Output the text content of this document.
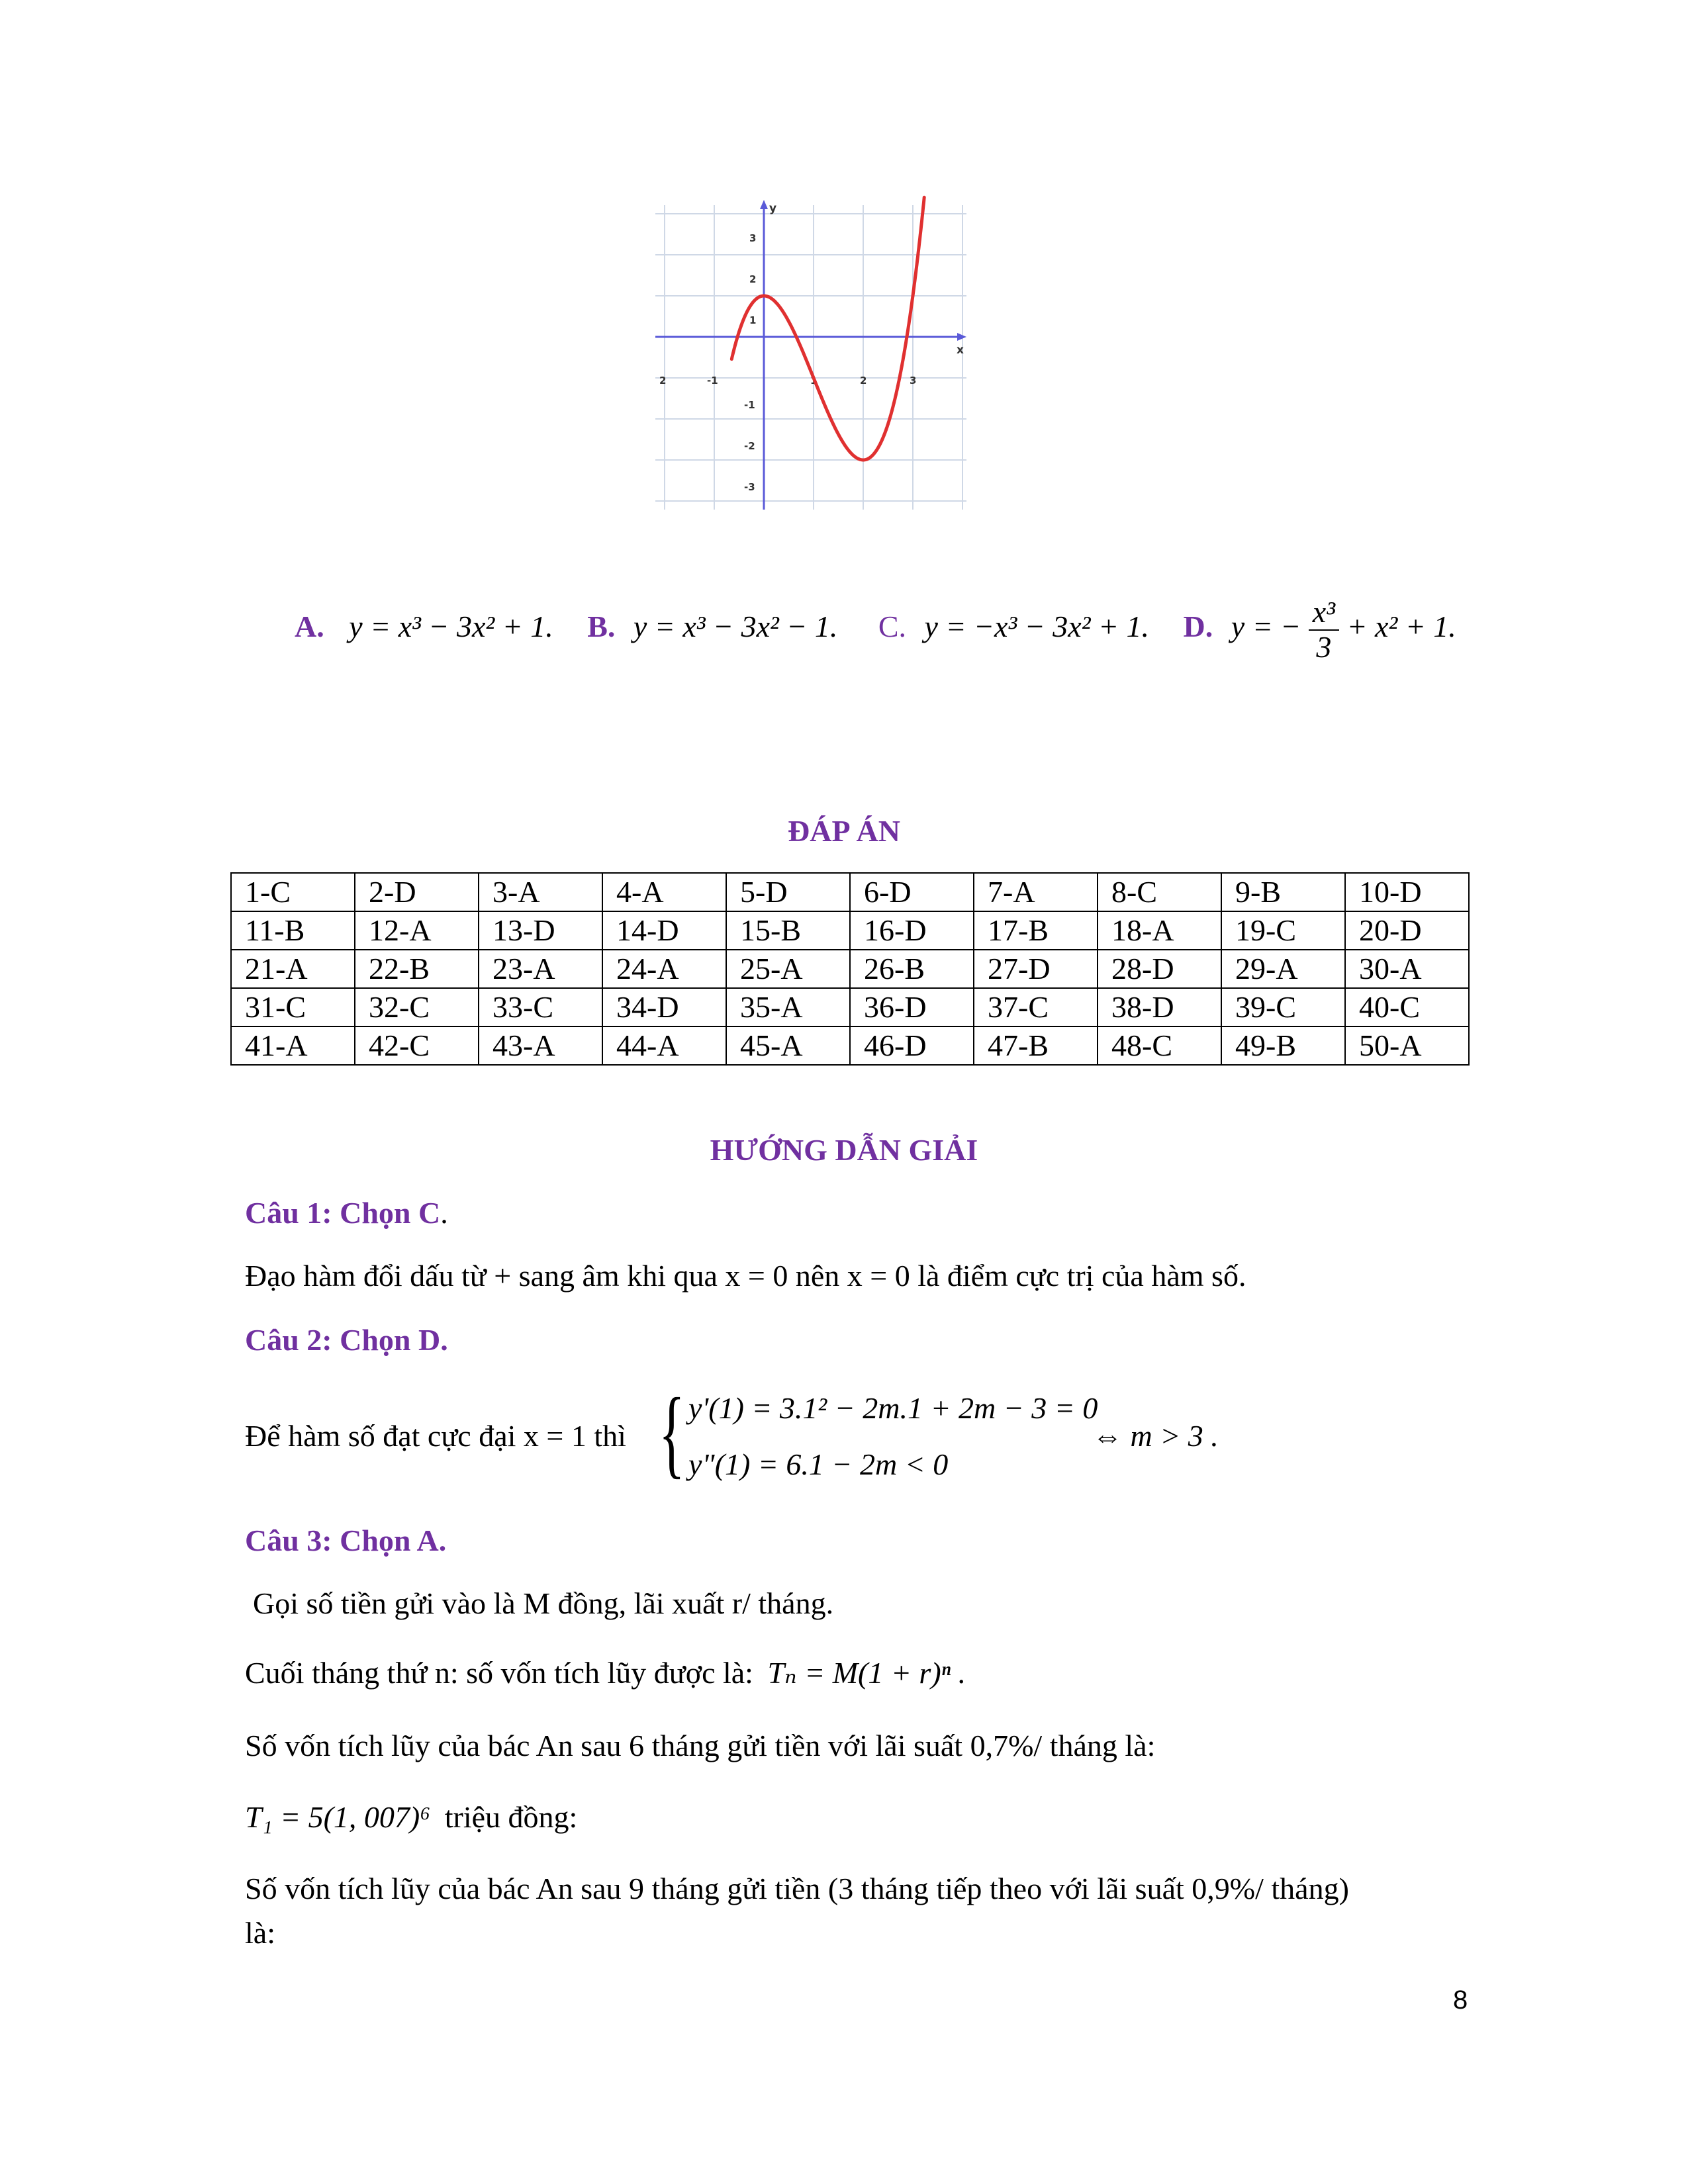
y
x
2	-1	1	2	3
3
2
1
-1
-2
-3
A. y = x³ − 3x² + 1. B. y = x³ − 3x² − 1. C. y = −x³ − 3x² + 1. D. y = − $\frac{\text{x³}}{3} + x^2 + 1$.
ĐÁP ÁN
1-C	2-D	3-A	4-A	5-D	6-D	7-A	8-C	9-B	10-D
11-B	12-A	13-D	14-D	15-B	16-D	17-B	18-A	19-C	20-D
21-A	22-B	23-A	24-A	25-A	26-B	27-D	28-D	29-A	30-A
31-C	32-C	33-C	34-D	35-A	36-D	37-C	38-D	39-C	40-C
41-A	42-C	43-A	44-A	45-A	46-D	47-B	48-C	49-B	50-A
HƯỚNG DẪN GIẢI
Câu 1: Chọn C.
Đạo hàm đổi dấu từ + sang âm khi qua x = 0 nên x = 0 là điểm cực trị của hàm số.
Câu 2: Chọn D.
Để hàm số đạt cực đại x = 1 thì { y'(1) = 3.1² − 2m.1 + 2m − 3 = 0
y"(1) = 6.1 − 2m < 0
⇔ m > 3 .
Câu 3: Chọn A.
Gọi số tiền gửi vào là M đồng, lãi xuất r/ tháng.
Cuối tháng thứ n: số vốn tích lũy được là: Tₙ = M(1 + r)ⁿ .
Số vốn tích lũy của bác An sau 6 tháng gửi tiền với lãi suất 0,7%/ tháng là:
T₁ = 5(1, 007)⁶ triệu đồng:
Số vốn tích lũy của bác An sau 9 tháng gửi tiền (3 tháng tiếp theo với lãi suất 0,9%/ tháng)
là:
8
